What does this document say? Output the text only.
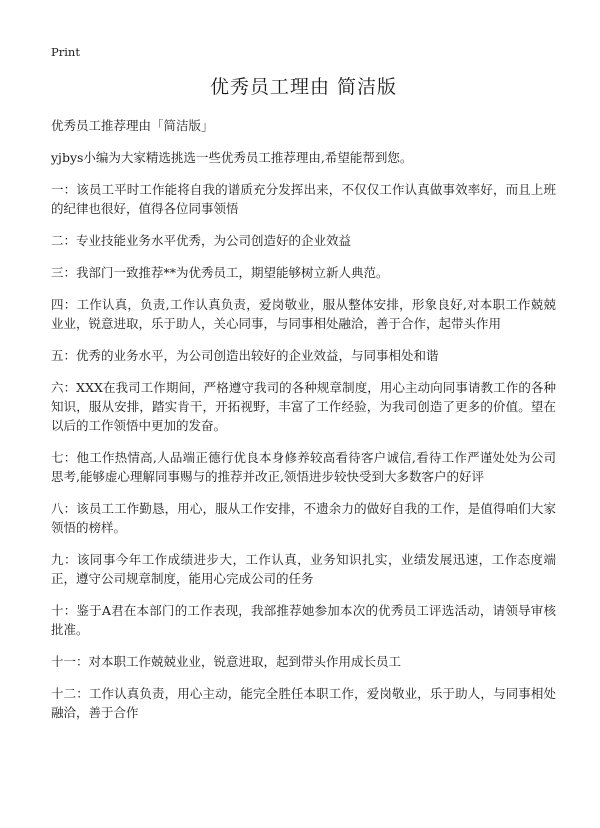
Print
优秀员工理由 简洁版

优秀员工推荐理由「简洁版」

yjbys小编为大家精选挑选一些优秀员工推荐理由,希望能帮到您。

一：该员工平时工作能将自我的谱质充分发挥出来，不仅仅工作认真做事效率好，而且上班的纪律也很好，值得各位同事领悟

二：专业技能业务水平优秀，为公司创造好的企业效益

三：我部门一致推荐**为优秀员工，期望能够树立新人典范。

四：工作认真，负责,工作认真负责，爱岗敬业，服从整体安排，形象良好,对本职工作兢兢业业，锐意进取，乐于助人，关心同事，与同事相处融洽，善于合作，起带头作用

五：优秀的业务水平，为公司创造出较好的企业效益，与同事相处和谐

六：XXX在我司工作期间，严格遵守我司的各种规章制度，用心主动向同事请教工作的各种知识，服从安排，踏实肯干，开拓视野，丰富了工作经验，为我司创造了更多的价值。望在以后的工作领悟中更加的发奋。

七：他工作热情高,人品端正德行优良本身修养较高看待客户诚信,看待工作严谨处处为公司思考,能够虚心理解同事赐与的推荐并改正,领悟进步较快受到大多数客户的好评

八：该员工工作勤恳，用心，服从工作安排，不遗余力的做好自我的工作，是值得咱们大家领悟的榜样。

九：该同事今年工作成绩进步大，工作认真，业务知识扎实，业绩发展迅速，工作态度端正，遵守公司规章制度，能用心完成公司的任务

十：鉴于A君在本部门的工作表现，我部推荐她参加本次的优秀员工评选活动，请领导审核批准。

十一：对本职工作兢兢业业，锐意进取，起到带头作用成长员工

十二：工作认真负责，用心主动，能完全胜任本职工作，爱岗敬业，乐于助人，与同事相处融洽，善于合作
